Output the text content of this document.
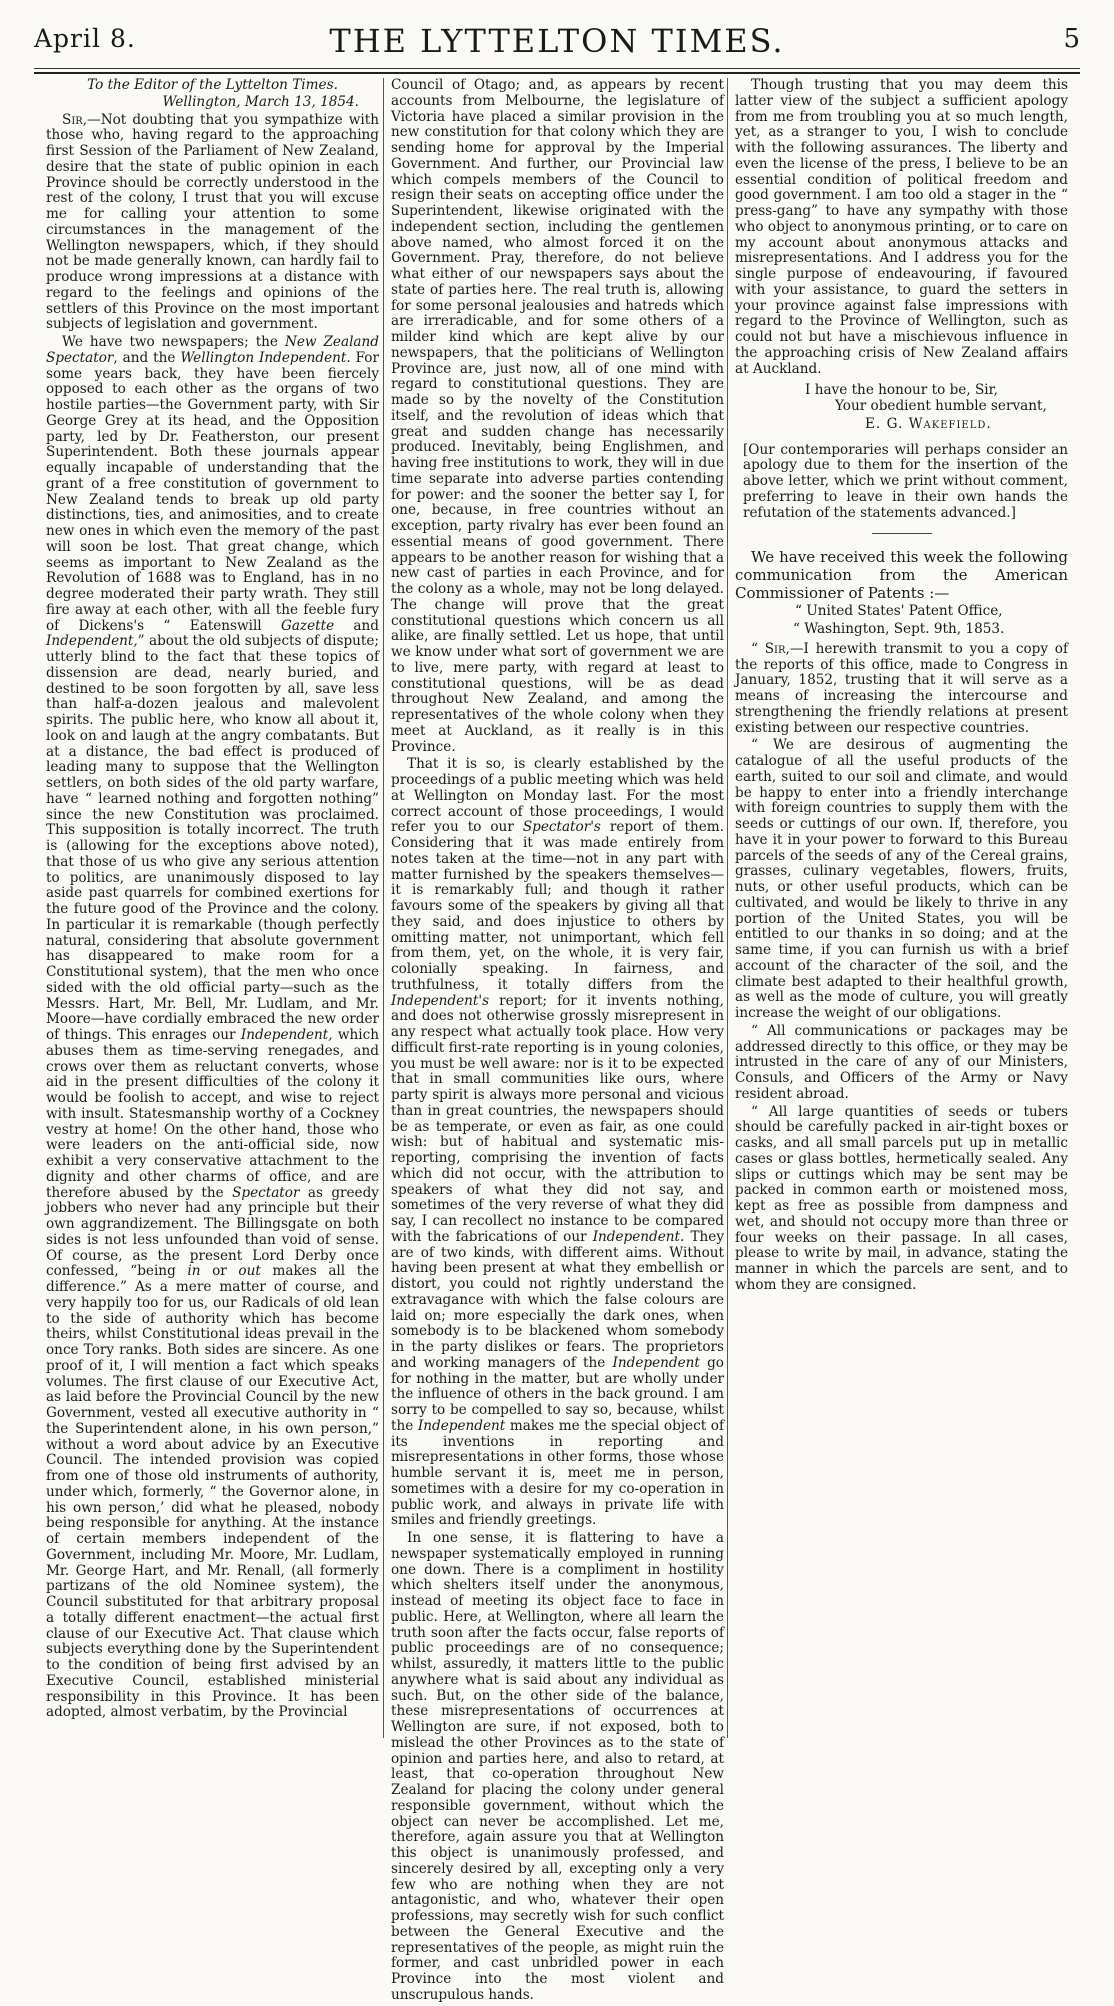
April 8.	THE LYTTELTON TIMES.	5

To the Editor of the Lyttelton Times.

Wellington, March 13, 1854.

Sir,—Not doubting that you sympathize with those who, having regard to the approaching first Session of the Parliament of New Zealand, desire that the state of public opinion in each Province should be correctly understood in the rest of the colony, I trust that you will excuse me for calling your attention to some circumstances in the management of the Wellington newspapers, which, if they should not be made generally known, can hardly fail to produce wrong impressions at a distance with regard to the feelings and opinions of the settlers of this Province on the most important subjects of legislation and government.

We have two newspapers; the New Zealand Spectator, and the Wellington Independent. For some years back, they have been fiercely opposed to each other as the organs of two hostile parties—the Government party, with Sir George Grey at its head, and the Opposition party, led by Dr. Featherston, our present Superintendent. Both these journals appear equally incapable of understanding that the grant of a free constitution of government to New Zealand tends to break up old party distinctions, ties, and animosities, and to create new ones in which even the memory of the past will soon be lost. That great change, which seems as important to New Zealand as the Revolution of 1688 was to England, has in no degree moderated their party wrath. They still fire away at each other, with all the feeble fury of Dickens's “ Eatenswill Gazette and Independent,” about the old subjects of dispute; utterly blind to the fact that these topics of dissension are dead, nearly buried, and destined to be soon forgotten by all, save less than half-a-dozen jealous and malevolent spirits. The public here, who know all about it, look on and laugh at the angry combatants. But at a distance, the bad effect is produced of leading many to suppose that the Wellington settlers, on both sides of the old party warfare, have “ learned nothing and forgotten nothing” since the new Constitution was proclaimed. This supposition is totally incorrect. The truth is (allowing for the exceptions above noted), that those of us who give any serious attention to politics, are unanimously disposed to lay aside past quarrels for combined exertions for the future good of the Province and the colony. In particular it is remarkable (though perfectly natural, considering that absolute government has disappeared to make room for a Constitutional system), that the men who once sided with the old official party—such as the Messrs. Hart, Mr. Bell, Mr. Ludlam, and Mr. Moore—have cordially embraced the new order of things. This enrages our Independent, which abuses them as time-serving renegades, and crows over them as reluctant converts, whose aid in the present difficulties of the colony it would be foolish to accept, and wise to reject with insult. Statesmanship worthy of a Cockney vestry at home! On the other hand, those who were leaders on the anti-official side, now exhibit a very conservative attachment to the dignity and other charms of office, and are therefore abused by the Spectator as greedy jobbers who never had any principle but their own aggrandizement. The Billingsgate on both sides is not less unfounded than void of sense. Of course, as the present Lord Derby once confessed, “being in or out makes all the difference.” As a mere matter of course, and very happily too for us, our Radicals of old lean to the side of authority which has become theirs, whilst Constitutional ideas prevail in the once Tory ranks. Both sides are sincere. As one proof of it, I will mention a fact which speaks volumes. The first clause of our Executive Act, as laid before the Provincial Council by the new Government, vested all executive authority in “ the Superintendent alone, in his own person,” without a word about advice by an Executive Council. The intended provision was copied from one of those old instruments of authority, under which, formerly, “ the Governor alone, in his own person,’ did what he pleased, nobody being responsible for anything. At the instance of certain members independent of the Government, including Mr. Moore, Mr. Ludlam, Mr. George Hart, and Mr. Renall, (all formerly partizans of the old Nominee system), the Council substituted for that arbitrary proposal a totally different enactment—the actual first clause of our Executive Act. That clause which subjects everything done by the Superintendent to the condition of being first advised by an Executive Council, established ministerial responsibility in this Province. It has been adopted, almost verbatim, by the Provincial

Council of Otago; and, as appears by recent accounts from Melbourne, the legislature of Victoria have placed a similar provision in the new constitution for that colony which they are sending home for approval by the Imperial Government. And further, our Provincial law which compels members of the Council to resign their seats on accepting office under the Superintendent, likewise originated with the independent section, including the gentlemen above named, who almost forced it on the Government. Pray, therefore, do not believe what either of our newspapers says about the state of parties here. The real truth is, allowing for some personal jealousies and hatreds which are irreradicable, and for some others of a milder kind which are kept alive by our newspapers, that the politicians of Wellington Province are, just now, all of one mind with regard to constitutional questions. They are made so by the novelty of the Constitution itself, and the revolution of ideas which that great and sudden change has necessarily produced. Inevitably, being Englishmen, and having free institutions to work, they will in due time separate into adverse parties contending for power: and the sooner the better say I, for one, because, in free countries without an exception, party rivalry has ever been found an essential means of good government. There appears to be another reason for wishing that a new cast of parties in each Province, and for the colony as a whole, may not be long delayed. The change will prove that the great constitutional questions which concern us all alike, are finally settled. Let us hope, that until we know under what sort of government we are to live, mere party, with regard at least to constitutional questions, will be as dead throughout New Zealand, and among the representatives of the whole colony when they meet at Auckland, as it really is in this Province.

That it is so, is clearly established by the proceedings of a public meeting which was held at Wellington on Monday last. For the most correct account of those proceedings, I would refer you to our Spectator's report of them. Considering that it was made entirely from notes taken at the time—not in any part with matter furnished by the speakers themselves—it is remarkably full; and though it rather favours some of the speakers by giving all that they said, and does injustice to others by omitting matter, not unimportant, which fell from them, yet, on the whole, it is very fair, colonially speaking. In fairness, and truthfulness, it totally differs from the Independent's report; for it invents nothing, and does not otherwise grossly misrepresent in any respect what actually took place. How very difficult first-rate reporting is in young colonies, you must be well aware: nor is it to be expected that in small communities like ours, where party spirit is always more personal and vicious than in great countries, the newspapers should be as temperate, or even as fair, as one could wish: but of habitual and systematic mis-reporting, comprising the invention of facts which did not occur, with the attribution to speakers of what they did not say, and sometimes of the very reverse of what they did say, I can recollect no instance to be compared with the fabrications of our Independent. They are of two kinds, with different aims. Without having been present at what they embellish or distort, you could not rightly understand the extravagance with which the false colours are laid on; more especially the dark ones, when somebody is to be blackened whom somebody in the party dislikes or fears. The proprietors and working managers of the Independent go for nothing in the matter, but are wholly under the influence of others in the back ground. I am sorry to be compelled to say so, because, whilst the Independent makes me the special object of its inventions in reporting and misrepresentations in other forms, those whose humble servant it is, meet me in person, sometimes with a desire for my co-operation in public work, and always in private life with smiles and friendly greetings.

In one sense, it is flattering to have a newspaper systematically employed in running one down. There is a compliment in hostility which shelters itself under the anonymous, instead of meeting its object face to face in public. Here, at Wellington, where all learn the truth soon after the facts occur, false reports of public proceedings are of no consequence; whilst, assuredly, it matters little to the public anywhere what is said about any individual as such. But, on the other side of the balance, these misrepresentations of occurrences at Wellington are sure, if not exposed, both to mislead the other Provinces as to the state of opinion and parties here, and also to retard, at least, that co-operation throughout New Zealand for placing the colony under general responsible government, without which the object can never be accomplished. Let me, therefore, again assure you that at Wellington this object is unanimously professed, and sincerely desired by all, excepting only a very few who are nothing when they are not antagonistic, and who, whatever their open professions, may secretly wish for such conflict between the General Executive and the representatives of the people, as might ruin the former, and cast unbridled power in each Province into the most violent and unscrupulous hands.

Though trusting that you may deem this latter view of the subject a sufficient apology from me from troubling you at so much length, yet, as a stranger to you, I wish to conclude with the following assurances. The liberty and even the license of the press, I believe to be an essential condition of political freedom and good government. I am too old a stager in the “ press-gang” to have any sympathy with those who object to anonymous printing, or to care on my account about anonymous attacks and misrepresentations. And I address you for the single purpose of endeavouring, if favoured with your assistance, to guard the setters in your province against false impressions with regard to the Province of Wellington, such as could not but have a mischievous influence in the approaching crisis of New Zealand affairs at Auckland.

I have the honour to be, Sir,

Your obedient humble servant,

E. G. Wakefield.

[Our contemporaries will perhaps consider an apology due to them for the insertion of the above letter, which we print without comment, preferring to leave in their own hands the refutation of the statements advanced.]

We have received this week the following communication from the American Commissioner of Patents :—

“ United States' Patent Office,

“ Washington, Sept. 9th, 1853.

“ Sir,—I herewith transmit to you a copy of the reports of this office, made to Congress in January, 1852, trusting that it will serve as a means of increasing the intercourse and strengthening the friendly relations at present existing between our respective countries.

“ We are desirous of augmenting the catalogue of all the useful products of the earth, suited to our soil and climate, and would be happy to enter into a friendly interchange with foreign countries to supply them with the seeds or cuttings of our own. If, therefore, you have it in your power to forward to this Bureau parcels of the seeds of any of the Cereal grains, grasses, culinary vegetables, flowers, fruits, nuts, or other useful products, which can be cultivated, and would be likely to thrive in any portion of the United States, you will be entitled to our thanks in so doing; and at the same time, if you can furnish us with a brief account of the character of the soil, and the climate best adapted to their healthful growth, as well as the mode of culture, you will greatly increase the weight of our obligations.

“ All communications or packages may be addressed directly to this office, or they may be intrusted in the care of any of our Ministers, Consuls, and Officers of the Army or Navy resident abroad.

“ All large quantities of seeds or tubers should be carefully packed in air-tight boxes or casks, and all small parcels put up in metallic cases or glass bottles, hermetically sealed. Any slips or cuttings which may be sent may be packed in common earth or moistened moss, kept as free as possible from dampness and wet, and should not occupy more than three or four weeks on their passage. In all cases, please to write by mail, in advance, stating the manner in which the parcels are sent, and to whom they are consigned.
